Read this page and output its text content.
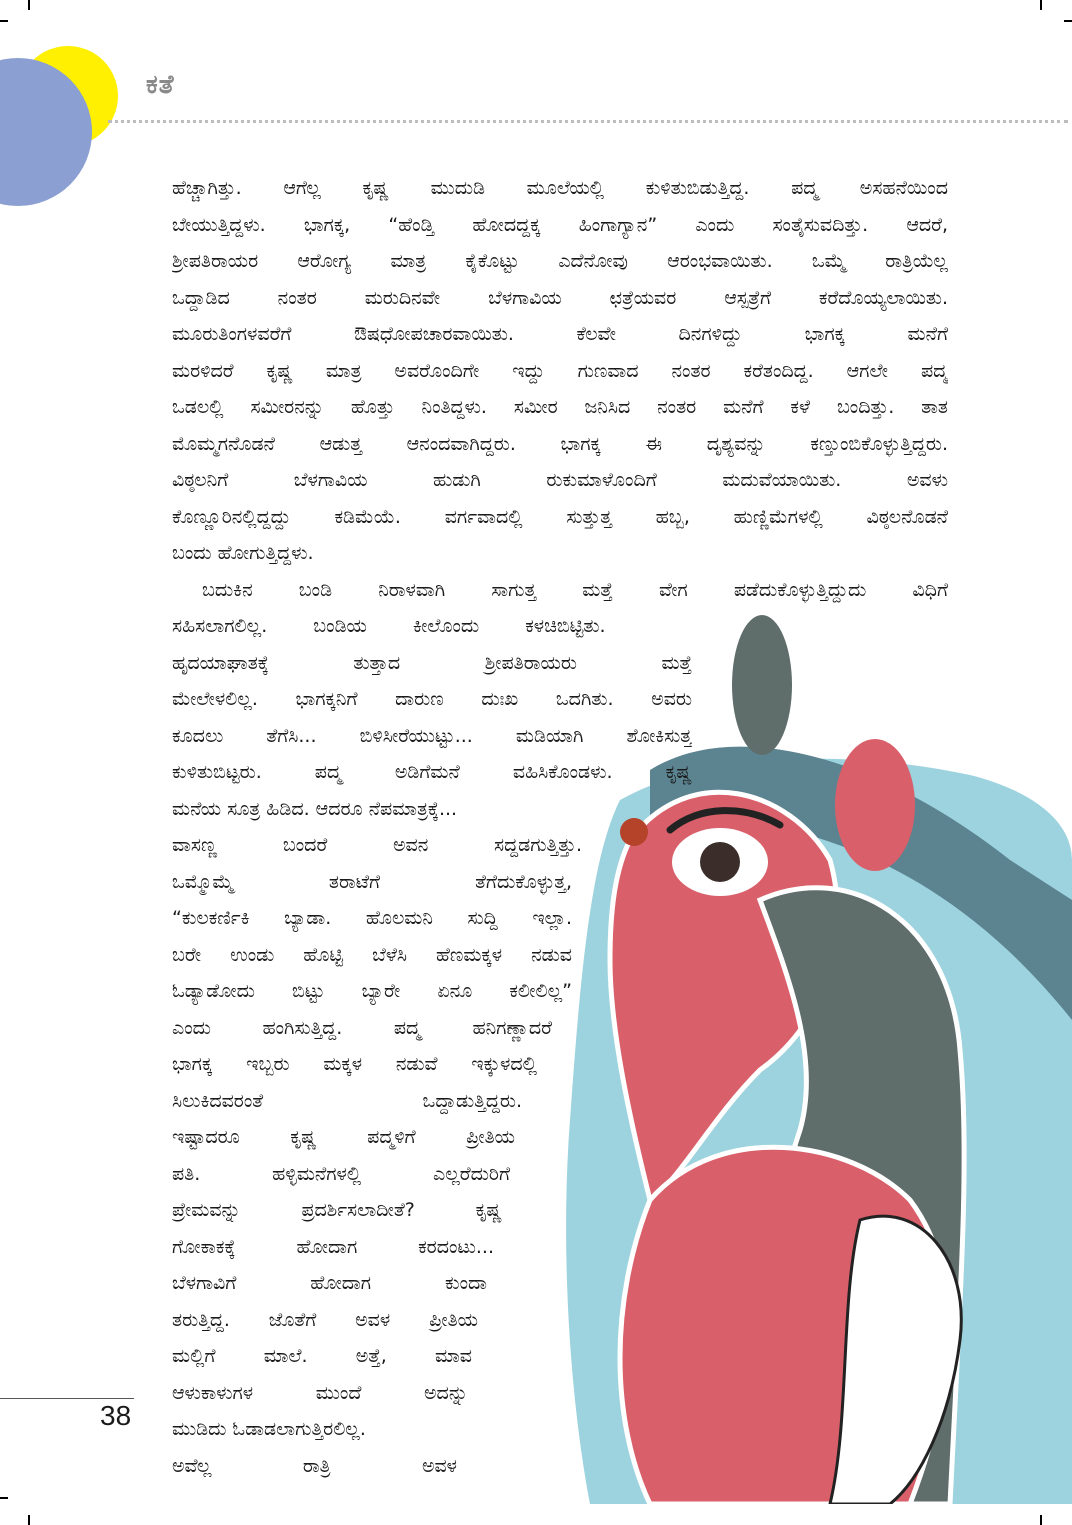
ಕತೆ
ಹೆಚ್ಚಾಗಿತ್ತು. ಆಗೆಲ್ಲ ಕೃಷ್ಣ ಮುದುಡಿ ಮೂಲೆಯಲ್ಲಿ ಕುಳಿತುಬಿಡುತ್ತಿದ್ದ. ಪದ್ಮ ಅಸಹನೆಯಿಂದ
ಬೇಯುತ್ತಿದ್ದಳು. ಭಾಗಕ್ಕ, “ಹೆಂಡ್ತಿ ಹೋದದ್ದಕ್ಕ ಹಿಂಗಾಗ್ಯಾನ” ಎಂದು ಸಂತೈಸುವದಿತ್ತು. ಆದರೆ,
ಶ್ರೀಪತಿರಾಯರ ಆರೋಗ್ಯ ಮಾತ್ರ ಕೈಕೊಟ್ಟು ಎದೆನೋವು ಆರಂಭವಾಯಿತು. ಒಮ್ಮೆ ರಾತ್ರಿಯೆಲ್ಲ
ಒದ್ದಾಡಿದ ನಂತರ ಮರುದಿನವೇ ಬೆಳಗಾವಿಯ ಛತ್ರೆಯವರ ಆಸ್ಪತ್ರೆಗೆ ಕರೆದೊಯ್ಯಲಾಯಿತು.
ಮೂರುತಿಂಗಳವರೆಗೆ ಔಷಧೋಪಚಾರವಾಯಿತು. ಕೆಲವೇ ದಿನಗಳಿದ್ದು ಭಾಗಕ್ಕ ಮನೆಗೆ
ಮರಳಿದರೆ ಕೃಷ್ಣ ಮಾತ್ರ ಅವರೊಂದಿಗೇ ಇದ್ದು ಗುಣವಾದ ನಂತರ ಕರೆತಂದಿದ್ದ. ಆಗಲೇ ಪದ್ಮ
ಒಡಲಲ್ಲಿ ಸಮೀರನನ್ನು ಹೊತ್ತು ನಿಂತಿದ್ದಳು. ಸಮೀರ ಜನಿಸಿದ ನಂತರ ಮನೆಗೆ ಕಳೆ ಬಂದಿತ್ತು. ತಾತ
ಮೊಮ್ಮಗನೊಡನೆ ಆಡುತ್ತ ಆನಂದವಾಗಿದ್ದರು. ಭಾಗಕ್ಕ ಈ ದೃಶ್ಯವನ್ನು ಕಣ್ತುಂಬಿಕೊಳ್ಳುತ್ತಿದ್ದರು.
ವಿಠ್ಠಲನಿಗೆ ಬೆಳಗಾವಿಯ ಹುಡುಗಿ ರುಕುಮಾಳೊಂದಿಗೆ ಮದುವೆಯಾಯಿತು. ಅವಳು
ಕೊಣ್ಣೂರಿನಲ್ಲಿದ್ದದ್ದು ಕಡಿಮೆಯೆ. ವರ್ಗವಾದಲ್ಲಿ ಸುತ್ತುತ್ತ ಹಬ್ಬ, ಹುಣ್ಣಿಮೆಗಳಲ್ಲಿ ವಿಠ್ಠಲನೊಡನೆ
ಬಂದು ಹೋಗುತ್ತಿದ್ದಳು.
ಬದುಕಿನ ಬಂಡಿ ನಿರಾಳವಾಗಿ ಸಾಗುತ್ತ ಮತ್ತೆ ವೇಗ ಪಡೆದುಕೊಳ್ಳುತ್ತಿದ್ದುದು ವಿಧಿಗೆ
ಸಹಿಸಲಾಗಲಿಲ್ಲ. ಬಂಡಿಯ ಕೀಲೊಂದು ಕಳಚಿಬಿಟ್ಟಿತು.
ಹೃದಯಾಘಾತಕ್ಕೆ ತುತ್ತಾದ ಶ್ರೀಪತಿರಾಯರು ಮತ್ತೆ
ಮೇಲೇಳಲಿಲ್ಲ. ಭಾಗಕ್ಕನಿಗೆ ದಾರುಣ ದುಃಖ ಒದಗಿತು. ಅವರು
ಕೂದಲು ತೆಗೆಸಿ... ಬಿಳಿಸೀರೆಯುಟ್ಟು... ಮಡಿಯಾಗಿ ಶೋಕಿಸುತ್ತ
ಕುಳಿತುಬಿಟ್ಟರು. ಪದ್ಮ ಅಡಿಗೆಮನೆ ವಹಿಸಿಕೊಂಡಳು. ಕೃಷ್ಣ
ಮನೆಯ ಸೂತ್ರ ಹಿಡಿದ. ಆದರೂ ನೆಪಮಾತ್ರಕ್ಕೆ...
ವಾಸಣ್ಣ ಬಂದರೆ ಅವನ ಸದ್ದಡಗುತ್ತಿತ್ತು.
ಒಮ್ಮೊಮ್ಮೆ ತರಾಟೆಗೆ ತೆಗೆದುಕೊಳ್ಳುತ್ತ,
“ಕುಲಕರ್ಣಿಕಿ ಬ್ಯಾಡಾ. ಹೊಲಮನಿ ಸುದ್ದಿ ಇಲ್ಲಾ.
ಬರೇ ಉಂಡು ಹೊಟ್ಟಿ ಬೆಳೆಸಿ ಹೆಣಮಕ್ಕಳ ನಡುವ
ಓಡ್ಯಾಡೋದು ಬಿಟ್ಟು ಬ್ಯಾರೇ ಏನೂ ಕಲೀಲಿಲ್ಲ”
ಎಂದು ಹಂಗಿಸುತ್ತಿದ್ದ. ಪದ್ಮ ಹನಿಗಣ್ಣಾದರೆ
ಭಾಗಕ್ಕ ಇಬ್ಬರು ಮಕ್ಕಳ ನಡುವೆ ಇಕ್ಕುಳದಲ್ಲಿ
ಸಿಲುಕಿದವರಂತೆ ಒದ್ದಾಡುತ್ತಿದ್ದರು.
ಇಷ್ಟಾದರೂ ಕೃಷ್ಣ ಪದ್ಮಳಿಗೆ ಪ್ರೀತಿಯ
ಪತಿ. ಹಳ್ಳಿಮನೆಗಳಲ್ಲಿ ಎಲ್ಲರೆದುರಿಗೆ
ಪ್ರೇಮವನ್ನು ಪ್ರದರ್ಶಿಸಲಾದೀತೆ? ಕೃಷ್ಣ
ಗೋಕಾಕಕ್ಕೆ ಹೋದಾಗ ಕರದಂಟು...
ಬೆಳಗಾವಿಗೆ ಹೋದಾಗ ಕುಂದಾ
ತರುತ್ತಿದ್ದ. ಜೊತೆಗೆ ಅವಳ ಪ್ರೀತಿಯ
ಮಲ್ಲಿಗೆ ಮಾಲೆ. ಅತ್ತೆ, ಮಾವ
ಆಳುಕಾಳುಗಳ ಮುಂದೆ ಅದನ್ನು
ಮುಡಿದು ಓಡಾಡಲಾಗುತ್ತಿರಲಿಲ್ಲ.
ಅವೆಲ್ಲ ರಾತ್ರಿ ಅವಳ
38
